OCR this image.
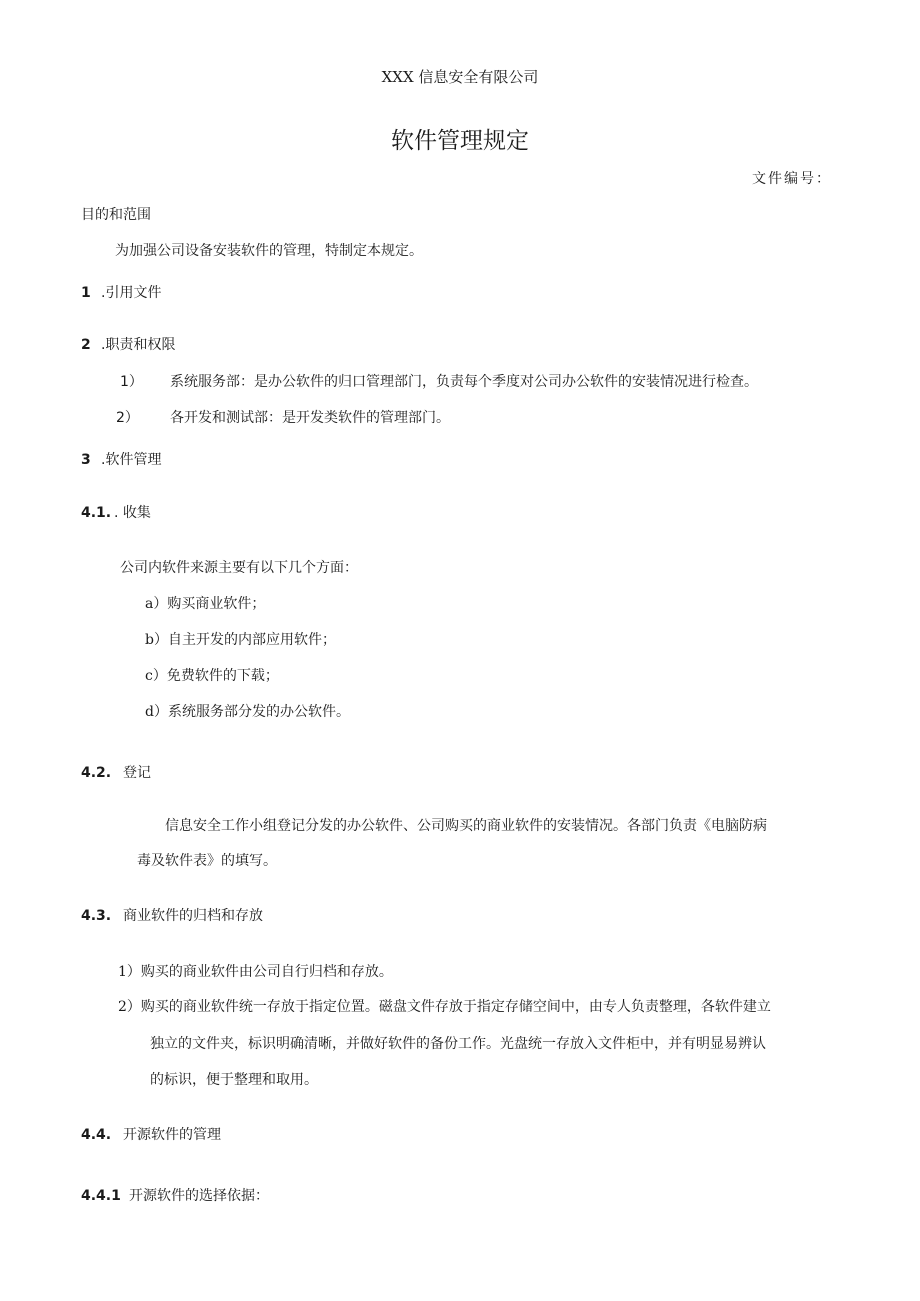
XXX 信息安全有限公司
软件管理规定
文件编号：
目的和范围
为加强公司设备安装软件的管理，特制定本规定。
1 .引用文件
2 .职责和权限
1） 系统服务部：是办公软件的归口管理部门，负责每个季度对公司办公软件的安装情况进行检查。
2） 各开发和测试部：是开发类软件的管理部门。
3 .软件管理
4.1. . 收集
公司内软件来源主要有以下几个方面：
a）购买商业软件；
b）自主开发的内部应用软件；
c）免费软件的下载；
d）系统服务部分发的办公软件。
4.2. 登记
信息安全工作小组登记分发的办公软件、公司购买的商业软件的安装情况。各部门负责《电脑防病
毒及软件表》的填写。
4.3. 商业软件的归档和存放
1）购买的商业软件由公司自行归档和存放。
2）购买的商业软件统一存放于指定位置。磁盘文件存放于指定存储空间中，由专人负责整理，各软件建立
独立的文件夹，标识明确清晰，并做好软件的备份工作。光盘统一存放入文件柜中，并有明显易辨认
的标识，便于整理和取用。
4.4. 开源软件的管理
4.4.1 开源软件的选择依据：
